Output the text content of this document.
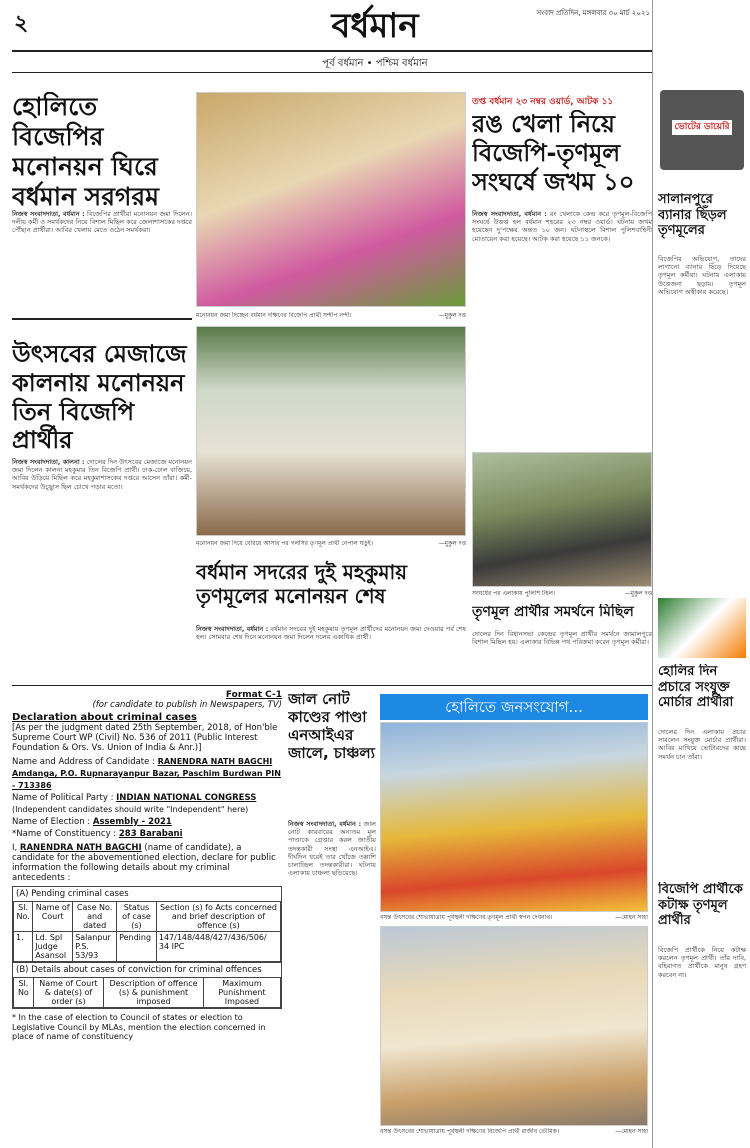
২	বর্ধমান	সংবাদ প্রতিদিন, মঙ্গলবার ৩০ মার্চ ২০২১
পূর্ব বর্ধমান • পশ্চিম বর্ধমান
হোলিতে বিজেপির মনোনয়ন ঘিরে বর্ধমান সরগরম
নিজস্ব সংবাদদাতা, বর্ধমান : বিজেপির প্রার্থীরা মনোনয়ন জমা দিলেন। দলীয় কর্মী ও সমর্থকদের নিয়ে বিশাল মিছিল করে জেলাশাসকের দপ্তরে পৌঁছান প্রার্থীরা। আবির খেলায় মেতে ওঠেন সমর্থকরা।
মনোনয়ন জমা দিচ্ছেন বর্ধমান দক্ষিণের বিজেপি প্রার্থী সন্দীপ নন্দী।	—মুকুল দত্ত
উৎসবের মেজাজে কালনায় মনোনয়ন তিন বিজেপি প্রার্থীর
নিজস্ব সংবাদদাতা, কালনা : দোলের দিন উৎসবের মেজাজে মনোনয়ন জমা দিলেন কালনা মহকুমার তিন বিজেপি প্রার্থী। ঢাক-ঢোল বাজিয়ে, আবির উড়িয়ে মিছিল করে মহকুমাশাসকের দপ্তরে আসেন তাঁরা। কর্মী-সমর্থকদের উচ্ছ্বাস ছিল চোখে পড়ার মতো।
মনোনয়ন জমা দিয়ে বেরিয়ে আসার পর গলসির তৃণমূল প্রার্থী নেপাল ঘড়ুই।	—মুকুল দত্ত
তপ্ত বর্ধমান ২৩ নম্বর ওয়ার্ড, আটক ১১
রঙ খেলা নিয়ে বিজেপি-তৃণমূল সংঘর্ষে জখম ১০
নিজস্ব সংবাদদাতা, বর্ধমান : রং খেলাকে কেন্দ্র করে তৃণমূল-বিজেপি সংঘর্ষে উত্তপ্ত হল বর্ধমান শহরের ২৩ নম্বর ওয়ার্ড। ঘটনায় জখম হয়েছেন দু'পক্ষের অন্তত ১০ জন। ঘটনাস্থলে বিশাল পুলিশবাহিনী মোতায়েন করা হয়েছে। আটক করা হয়েছে ১১ জনকে।
সংঘর্ষের পর এলাকায় পুলিশি টহল।	—মুকুল দত্ত
বর্ধমান সদরের দুই মহকুমায় তৃণমূলের মনোনয়ন শেষ
নিজস্ব সংবাদদাতা, বর্ধমান : বর্ধমান সদরের দুই মহকুমায় তৃণমূল প্রার্থীদের মনোনয়ন জমা দেওয়ার পর্ব শেষ হল। সোমবার শেষ দিনে মনোনয়ন জমা দিলেন দলের একাধিক প্রার্থী।
তৃণমূল প্রার্থীর সমর্থনে মিছিল
দোলের দিন বিধানসভা কেন্দ্রের তৃণমূল প্রার্থীর সমর্থনে জামালপুরে বিশাল মিছিল হয়। এলাকার বিভিন্ন পথ পরিক্রমা করেন তৃণমূল কর্মীরা।
Format C-1
(for candidate to publish in Newspapers, TV)
Declaration about criminal cases
[As per the judgment dated 25th September, 2018, of Hon'ble Supreme Court WP (Civil) No. 536 of 2011 (Public Interest Foundation & Ors. Vs. Union of India & Anr.)]
Name and Address of Candidate : RANENDRA NATH BAGCHI Amdanga, P.O. Rupnarayanpur Bazar, Paschim Burdwan PIN - 713386
Name of Political Party : INDIAN NATIONAL CONGRESS
(Independent candidates should write "Independent" here)
Name of Election : Assembly - 2021
*Name of Constituency : 283 Barabani
I, RANENDRA NATH BAGCHI (name of candidate), a candidate for the abovementioned election, declare for public information the following details about my criminal antecedents :
(A) Pending criminal cases
Sl. No.	Name of Court	Case No. and dated	Status of case (s)	Section (s) fo Acts concerned and brief description of offence (s)
1.	Ld. Spl Judge Asansol	Salanpur P.S. 53/93	Pending	147/148/448/427/436/506/ 34 IPC
(B) Details about cases of conviction for criminal offences
Sl. No	Name of Court & date(s) of order (s)	Description of offence (s) & punishment imposed	Maximum Punishment Imposed
* In the case of election to Council of states or election to Legislative Council by MLAs, mention the election concerned in place of name of constituency
জাল নোট কাণ্ডের পাণ্ডা এনআইএর জালে, চাঞ্চল্য
নিজস্ব সংবাদদাতা, বর্ধমান : জাল নোট কারবারের অন্যতম মূল পাণ্ডাকে গ্রেপ্তার করল জাতীয় তদন্তকারী সংস্থা এনআইএ। দীর্ঘদিন ধরেই তার খোঁজে তল্লাশি চালাচ্ছিল তদন্তকারীরা। ঘটনায় এলাকায় চাঞ্চল্য ছড়িয়েছে।
হোলিতে জনসংযোগ...
বসন্ত উৎসবের শোভাযাত্রায় পূর্বস্থলী দক্ষিণের তৃণমূল প্রার্থী স্বপন দেবনাথ।	—মোহন সাহা
বসন্ত উৎসবের শোভাযাত্রায় পূর্বস্থলী দক্ষিণের বিজেপি প্রার্থী রাজীব ভৌমিক।	—মোহন সাহা
ভোটের ডায়েরি
সালানপুরে ব্যানার ছিঁড়ল তৃণমূলের
বিজেপির অভিযোগ, তাদের লাগানো ব্যানার ছিঁড়ে দিয়েছে তৃণমূল কর্মীরা। ঘটনায় এলাকায় উত্তেজনা ছড়ায়। তৃণমূল অভিযোগ অস্বীকার করেছে।
হোলির দিন প্রচারে সংযুক্ত মোর্চার প্রার্থীরা
দোলের দিন এলাকায় প্রচার সারলেন সংযুক্ত মোর্চার প্রার্থীরা। আবির মাখিয়ে ভোটারদের কাছে সমর্থন চান তাঁরা।
বিজেপি প্রার্থীকে কটাক্ষ তৃণমূল প্রার্থীর
বিজেপি প্রার্থীকে নিয়ে কটাক্ষ করলেন তৃণমূল প্রার্থী। তাঁর দাবি, বহিরাগত প্রার্থীকে মানুষ গ্রহণ করবেন না।
